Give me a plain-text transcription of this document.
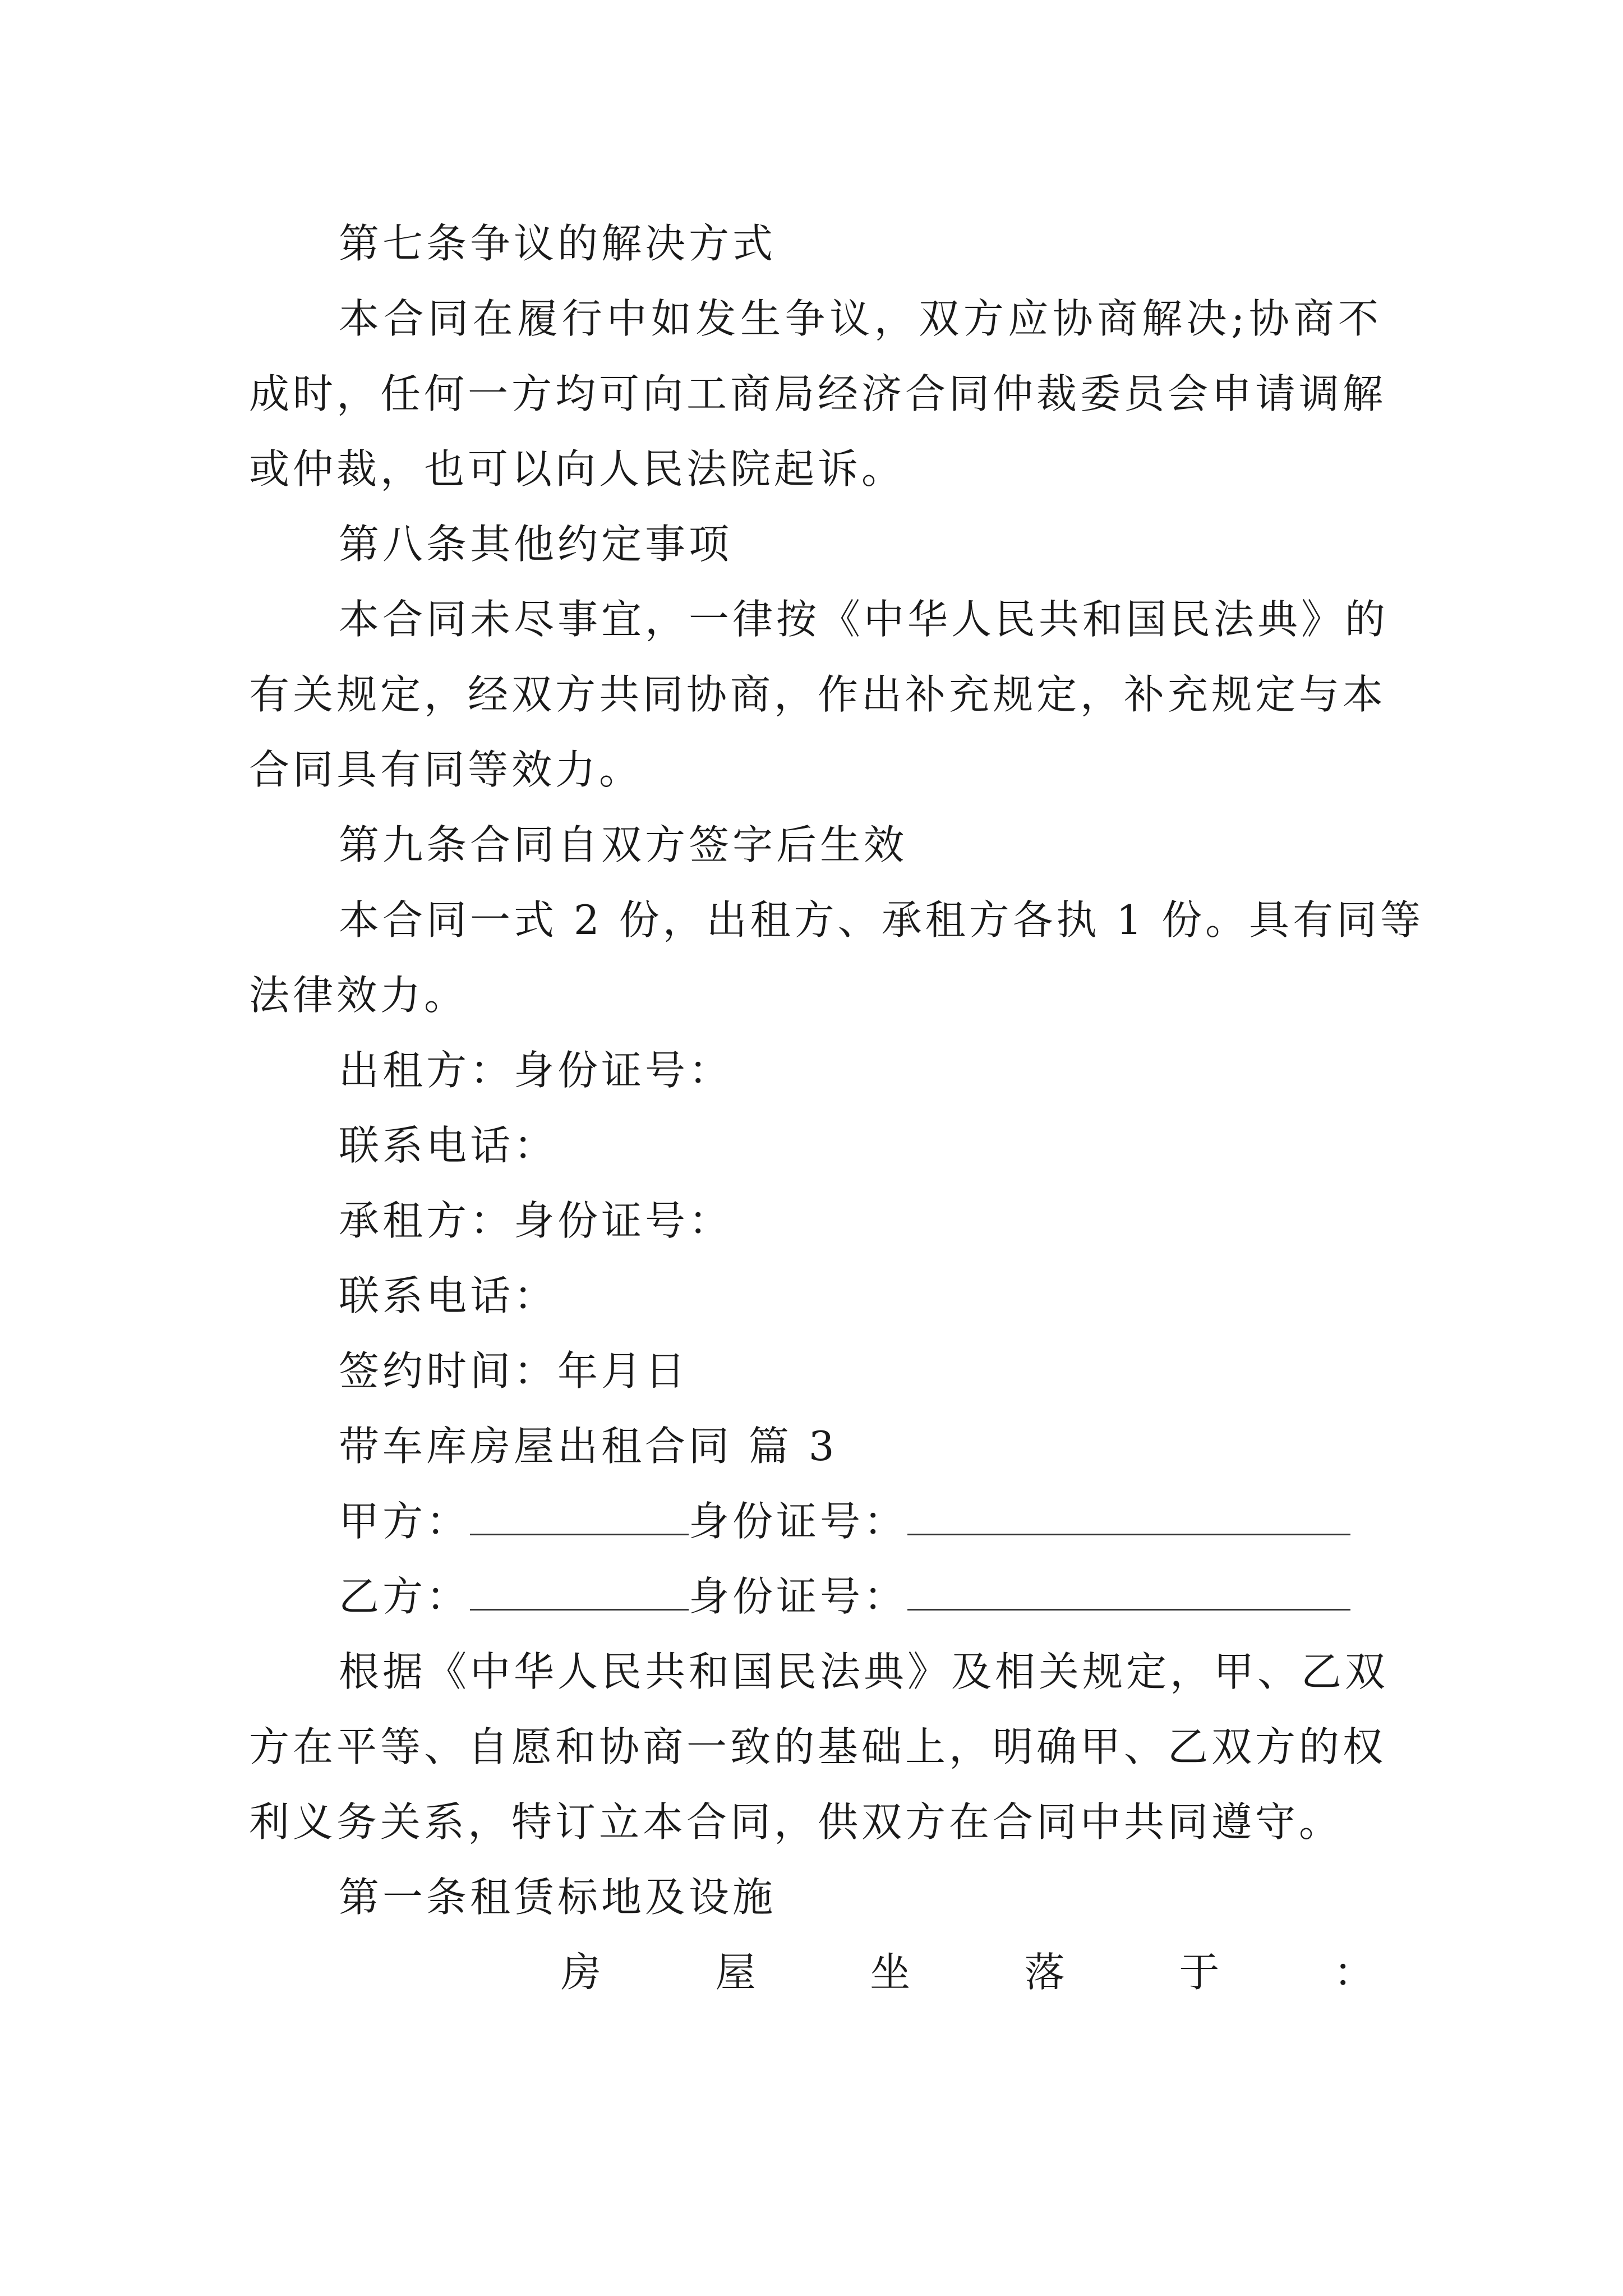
第七条争议的解决方式
本合同在履行中如发生争议，双方应协商解决;协商不
成时，任何一方均可向工商局经济合同仲裁委员会申请调解
或仲裁，也可以向人民法院起诉。
第八条其他约定事项
本合同未尽事宜，一律按《中华人民共和国民法典》的
有关规定，经双方共同协商，作出补充规定，补充规定与本
合同具有同等效力。
第九条合同自双方签字后生效
本合同一式 2 份，出租方、承租方各执 1 份。具有同等
法律效力。
出租方：身份证号：
联系电话：
承租方：身份证号：
联系电话：
签约时间：年月日
带车库房屋出租合同 篇 3
甲方：	身份证号：
乙方：	身份证号：
根据《中华人民共和国民法典》及相关规定，甲、乙双
方在平等、自愿和协商一致的基础上，明确甲、乙双方的权
利义务关系，特订立本合同，供双方在合同中共同遵守。
第一条租赁标地及设施
房	屋	坐	落	于	：
